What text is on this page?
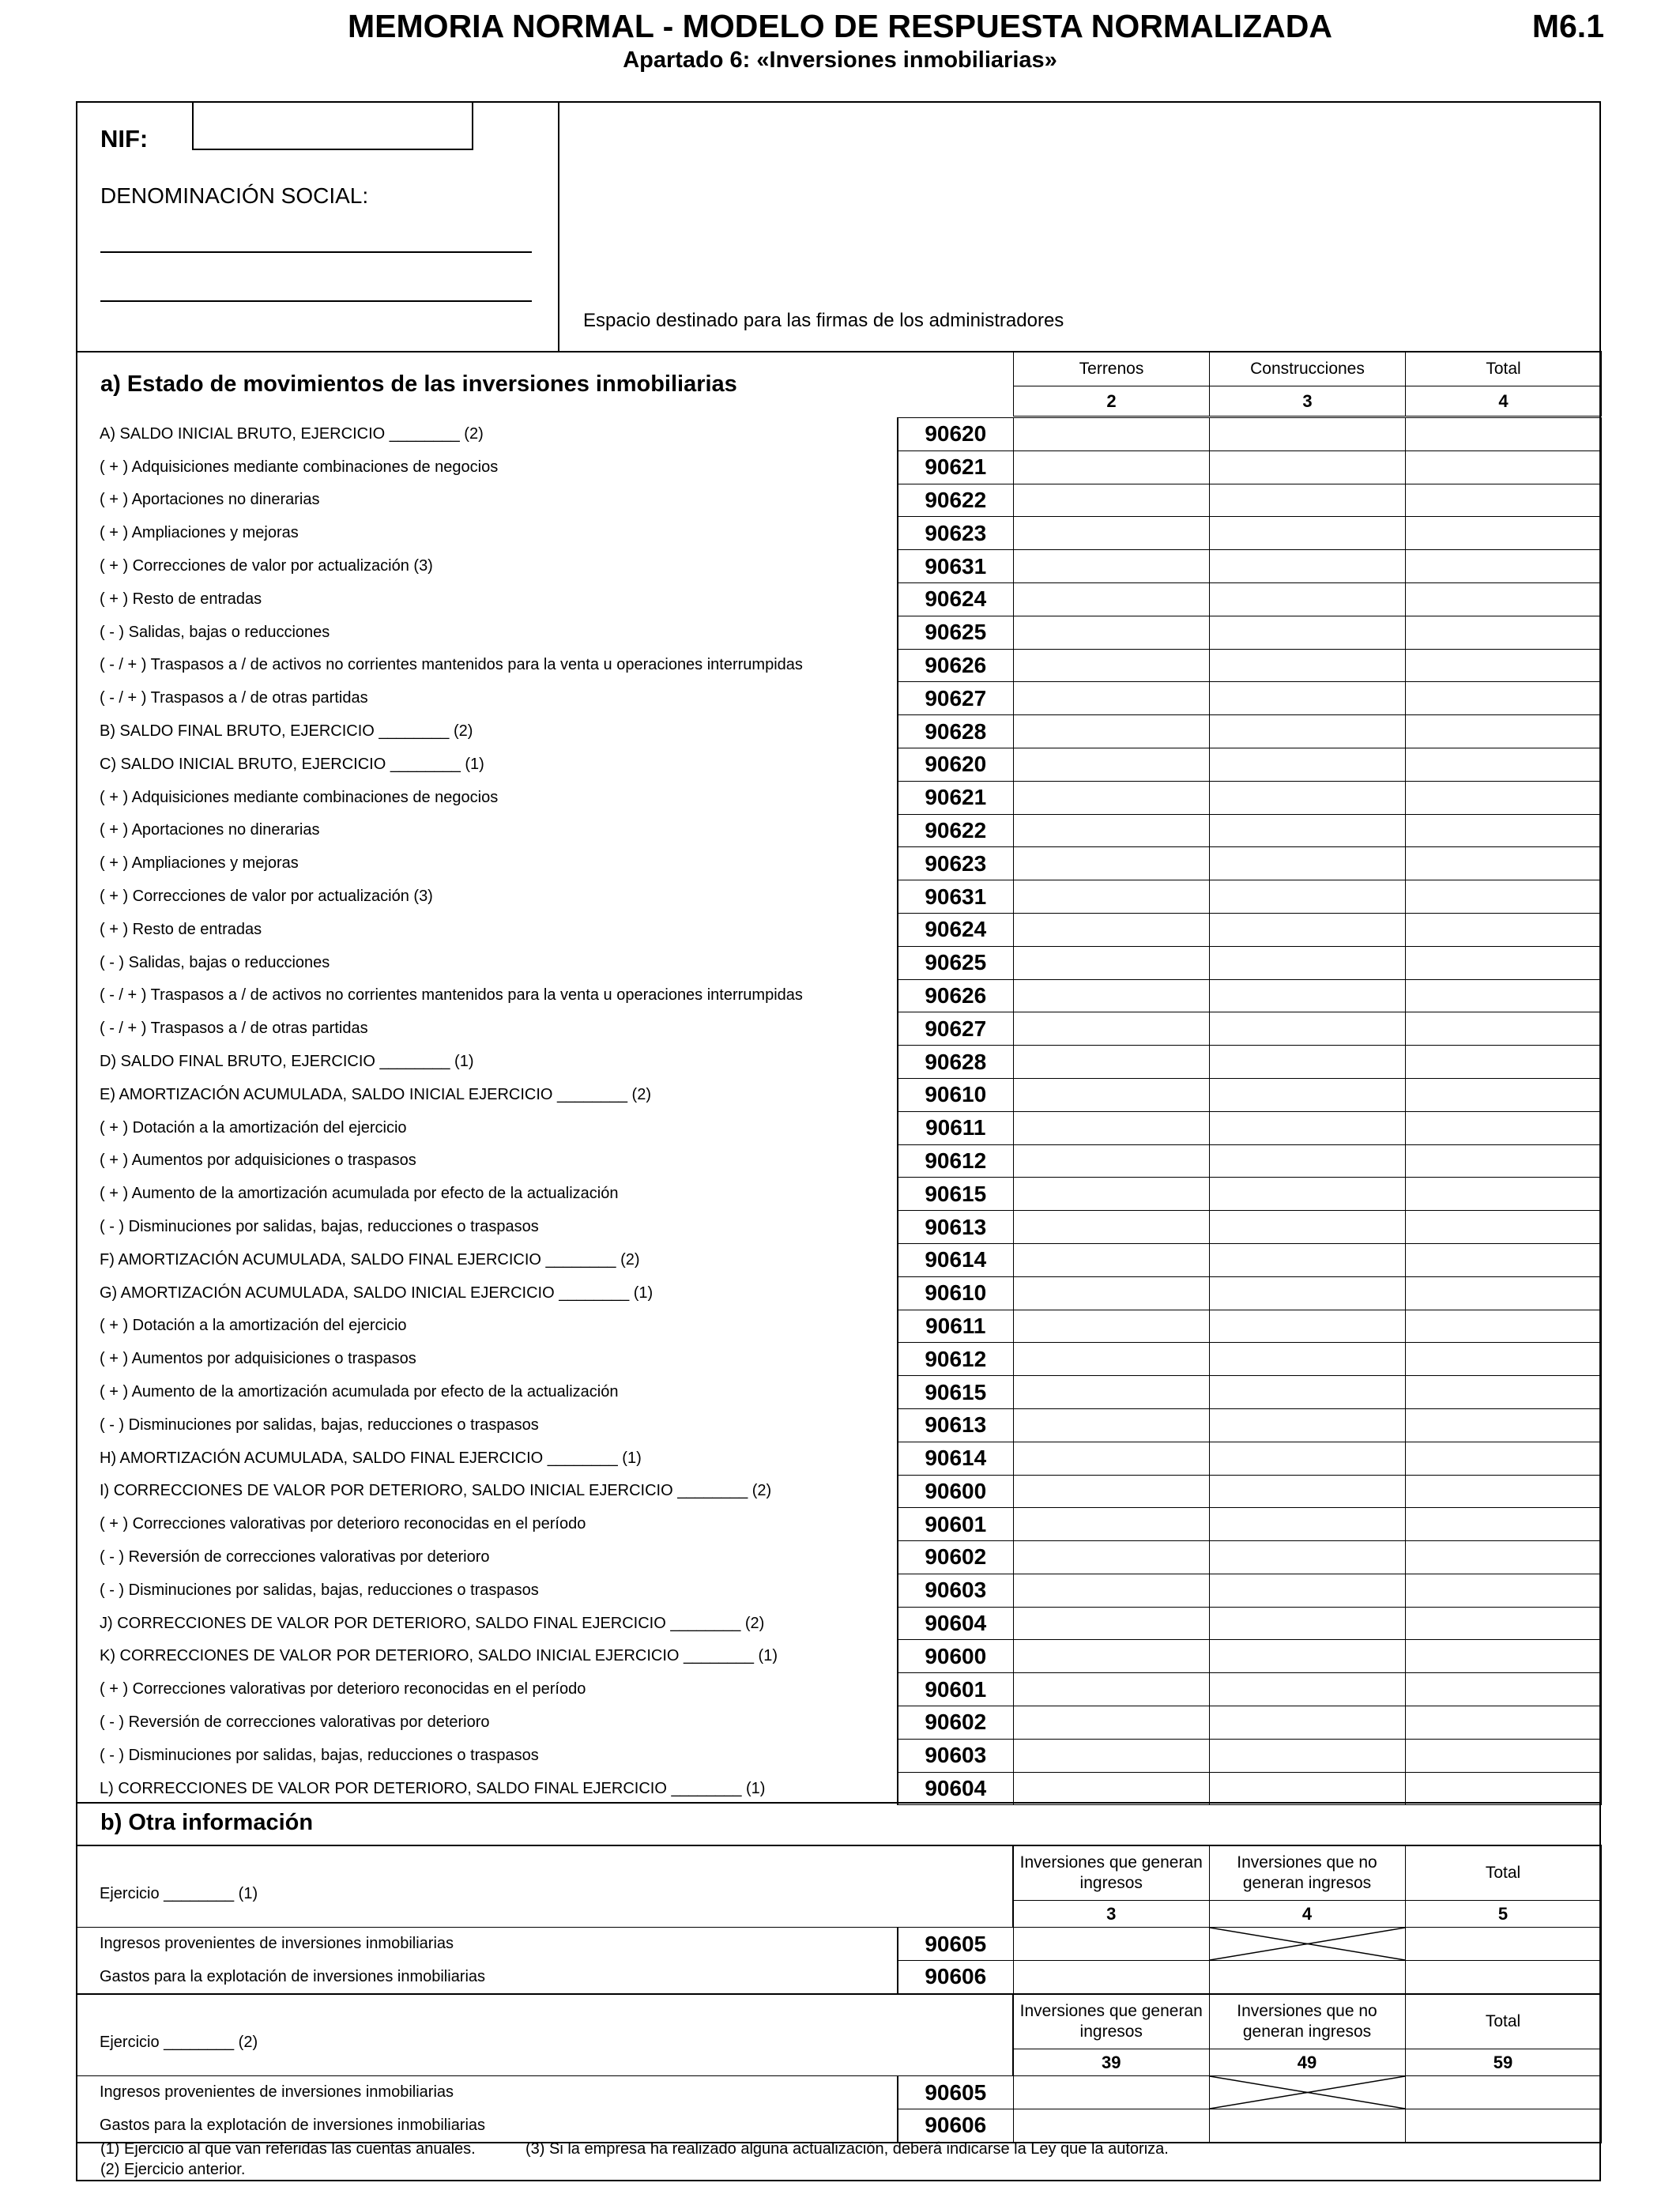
MEMORIA NORMAL - MODELO DE RESPUESTA NORMALIZADA	M6.1
Apartado 6: «Inversiones inmobiliarias»
NIF:
DENOMINACIÓN SOCIAL:
Espacio destinado para las firmas de los administradores
a) Estado de movimientos de las inversiones inmobiliarias
Terrenos	Construcciones	Total
2	3	4
A) SALDO INICIAL BRUTO, EJERCICIO ________ (2)	90620			
( + ) Adquisiciones mediante combinaciones de negocios	90621			
( + ) Aportaciones no dinerarias	90622			
( + ) Ampliaciones y mejoras	90623			
( + ) Correcciones de valor por actualización (3)	90631			
( + ) Resto de entradas	90624			
( - ) Salidas, bajas o reducciones	90625			
( - / + ) Traspasos a / de activos no corrientes mantenidos para la venta u operaciones interrumpidas	90626			
( - / + ) Traspasos a / de otras partidas	90627			
B) SALDO FINAL BRUTO, EJERCICIO ________ (2)	90628			
C) SALDO INICIAL BRUTO, EJERCICIO ________ (1)	90620			
( + ) Adquisiciones mediante combinaciones de negocios	90621			
( + ) Aportaciones no dinerarias	90622			
( + ) Ampliaciones y mejoras	90623			
( + ) Correcciones de valor por actualización (3)	90631			
( + ) Resto de entradas	90624			
( - ) Salidas, bajas o reducciones	90625			
( - / + ) Traspasos a / de activos no corrientes mantenidos para la venta u operaciones interrumpidas	90626			
( - / + ) Traspasos a / de otras partidas	90627			
D) SALDO FINAL BRUTO, EJERCICIO ________ (1)	90628			
E) AMORTIZACIÓN ACUMULADA, SALDO INICIAL EJERCICIO ________ (2)	90610			
( + ) Dotación a la amortización del ejercicio	90611			
( + ) Aumentos por adquisiciones o traspasos	90612			
( + ) Aumento de la amortización acumulada por efecto de la actualización	90615			
( - ) Disminuciones por salidas, bajas, reducciones o traspasos	90613			
F) AMORTIZACIÓN ACUMULADA, SALDO FINAL EJERCICIO ________ (2)	90614			
G) AMORTIZACIÓN ACUMULADA, SALDO INICIAL EJERCICIO ________ (1)	90610			
( + ) Dotación a la amortización del ejercicio	90611			
( + ) Aumentos por adquisiciones o traspasos	90612			
( + ) Aumento de la amortización acumulada por efecto de la actualización	90615			
( - ) Disminuciones por salidas, bajas, reducciones o traspasos	90613			
H) AMORTIZACIÓN ACUMULADA, SALDO FINAL EJERCICIO ________ (1)	90614			
I) CORRECCIONES DE VALOR POR DETERIORO, SALDO INICIAL EJERCICIO ________ (2)	90600			
( + ) Correcciones valorativas por deterioro reconocidas en el período	90601			
( - ) Reversión de correcciones valorativas por deterioro	90602			
( - ) Disminuciones por salidas, bajas, reducciones o traspasos	90603			
J) CORRECCIONES DE VALOR POR DETERIORO, SALDO FINAL EJERCICIO ________ (2)	90604			
K) CORRECCIONES DE VALOR POR DETERIORO, SALDO INICIAL EJERCICIO ________ (1)	90600			
( + ) Correcciones valorativas por deterioro reconocidas en el período	90601			
( - ) Reversión de correcciones valorativas por deterioro	90602			
( - ) Disminuciones por salidas, bajas, reducciones o traspasos	90603			
L) CORRECCIONES DE VALOR POR DETERIORO, SALDO FINAL EJERCICIO ________ (1)	90604			
b) Otra información
Ejercicio ________ (1)		Inversiones que generan ingresos	Inversiones que no generan ingresos	Total
		3	4	5
Ingresos provenientes de inversiones inmobiliarias	90605		

Gastos para la explotación de inversiones inmobiliarias	90606			
Ejercicio ________ (2)		Inversiones que generan ingresos	Inversiones que no generan ingresos	Total
		39	49	59
Ingresos provenientes de inversiones inmobiliarias	90605		

Gastos para la explotación de inversiones inmobiliarias	90606			

(1) Ejercicio al que van referidas las cuentas anuales.	(3) Si la empresa ha realizado alguna actualización, deberá indicarse la Ley que la autoriza.
(2) Ejercicio anterior.
